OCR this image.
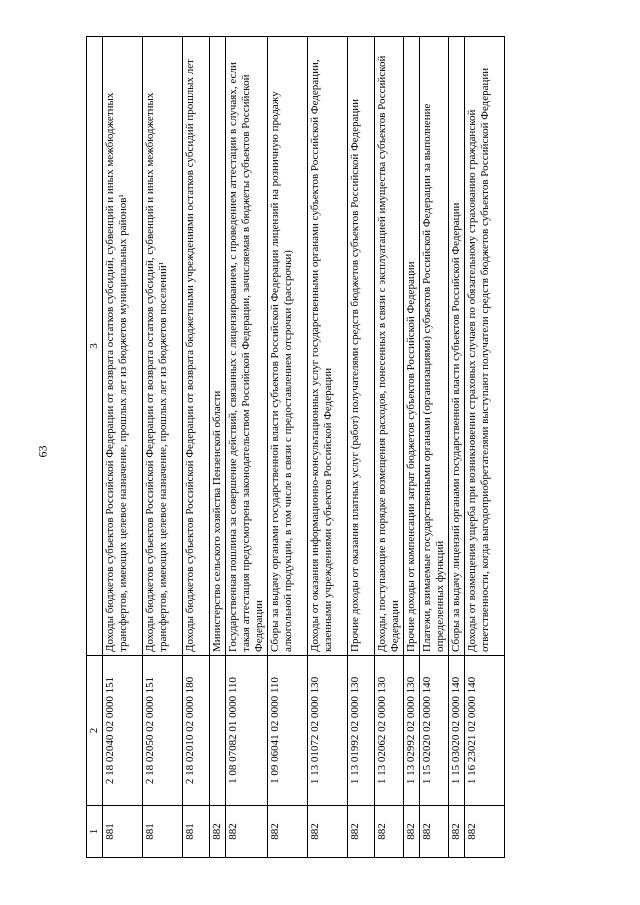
63
1	2	3
881	2 18 02040 02 0000 151	Доходы бюджетов субъектов Российской Федерации от возврата остатков субсидий, субвенций и иных межбюджетных трансфертов, имеющих целевое назначение, прошлых лет из бюджетов муниципальных районов¹
881	2 18 02050 02 0000 151	Доходы бюджетов субъектов Российской Федерации от возврата остатков субсидий, субвенций и иных межбюджетных трансфертов, имеющих целевое назначение, прошлых лет из бюджетов поселений¹
881	2 18 02010 02 0000 180	Доходы бюджетов субъектов Российской Федерации от возврата бюджетными учреждениями остатков субсидий прошлых лет
882		Министерство сельского хозяйства Пензенской области
882	1 08 07082 01 0000 110	Государственная пошлина за совершение действий, связанных с лицензированием, с проведением аттестации в случаях, если такая аттестация предусмотрена законодательством Российской Федерации, зачисляемая в бюджеты субъектов Российской Федерации
882	1 09 06041 02 0000 110	Сборы за выдачу органами государственной власти субъектов Российской Федерации лицензий на розничную продажу алкогольной продукции, в том числе в связи с предоставлением отсрочки (рассрочки)
882	1 13 01072 02 0000 130	Доходы от оказания информационно-консультационных услуг государственными органами субъектов Российской Федерации, казенными учреждениями субъектов Российской Федерации
882	1 13 01992 02 0000 130	Прочие доходы от оказания платных услуг (работ) получателями средств бюджетов субъектов Российской Федерации
882	1 13 02062 02 0000 130	Доходы, поступающие в порядке возмещения расходов, понесенных в связи с эксплуатацией имущества субъектов Российской Федерации
882	1 13 02992 02 0000 130	Прочие доходы от компенсации затрат бюджетов субъектов Российской Федерации
882	1 15 02020 02 0000 140	Платежи, взимаемые государственными органами (организациями) субъектов Российской Федерации за выполнение определенных функций
882	1 15 03020 02 0000 140	Сборы за выдачу лицензий органами государственной власти субъектов Российской Федерации
882	1 16 23021 02 0000 140	Доходы от возмещения ущерба при возникновении страховых случаев по обязательному страхованию гражданской ответственности, когда выгодоприобретателями выступают получатели средств бюджетов субъектов Российской Федерации
